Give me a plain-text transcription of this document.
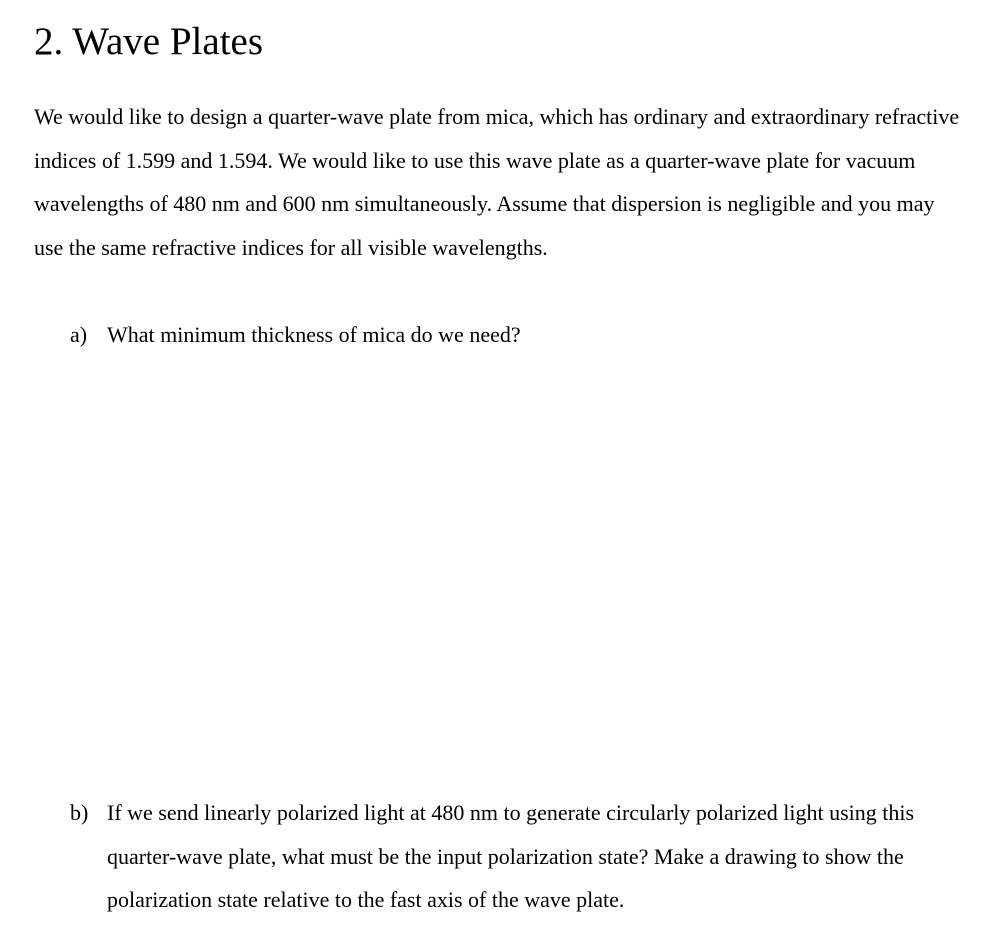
2. Wave Plates

We would like to design a quarter-wave plate from mica, which has ordinary and extraordinary refractive indices of 1.599 and 1.594. We would like to use this wave plate as a quarter-wave plate for vacuum wavelengths of 480 nm and 600 nm simultaneously. Assume that dispersion is negligible and you may use the same refractive indices for all visible wavelengths.

a) What minimum thickness of mica do we need?
b) If we send linearly polarized light at 480 nm to generate circularly polarized light using this quarter-wave plate, what must be the input polarization state? Make a drawing to show the polarization state relative to the fast axis of the wave plate.
